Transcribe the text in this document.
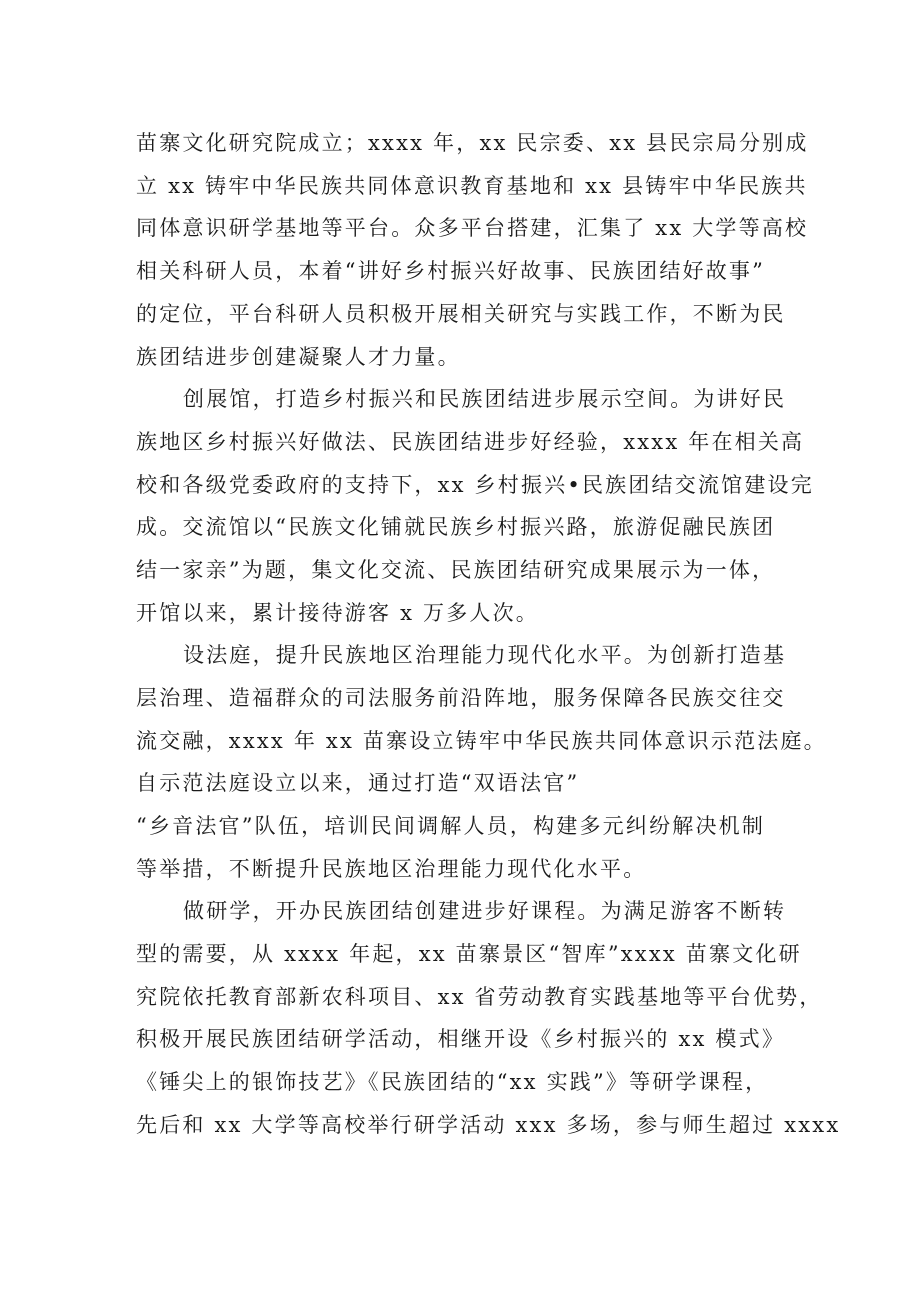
苗寨文化研究院成立；xxxx 年，xx 民宗委、xx 县民宗局分别成
立 xx 铸牢中华民族共同体意识教育基地和 xx 县铸牢中华民族共
同体意识研学基地等平台。众多平台搭建，汇集了 xx 大学等高校
相关科研人员，本着“讲好乡村振兴好故事、民族团结好故事”
的定位，平台科研人员积极开展相关研究与实践工作，不断为民
族团结进步创建凝聚人才力量。
创展馆，打造乡村振兴和民族团结进步展示空间。为讲好民
族地区乡村振兴好做法、民族团结进步好经验，xxxx 年在相关高
校和各级党委政府的支持下，xx 乡村振兴•民族团结交流馆建设完
成。交流馆以“民族文化铺就民族乡村振兴路，旅游促融民族团
结一家亲”为题，集文化交流、民族团结研究成果展示为一体，
开馆以来，累计接待游客 x 万多人次。
设法庭，提升民族地区治理能力现代化水平。为创新打造基
层治理、造福群众的司法服务前沿阵地，服务保障各民族交往交
流交融，xxxx 年 xx 苗寨设立铸牢中华民族共同体意识示范法庭。
自示范法庭设立以来，通过打造“双语法官”
“乡音法官”队伍，培训民间调解人员，构建多元纠纷解决机制
等举措，不断提升民族地区治理能力现代化水平。
做研学，开办民族团结创建进步好课程。为满足游客不断转
型的需要，从 xxxx 年起，xx 苗寨景区“智库”xxxx 苗寨文化研
究院依托教育部新农科项目、xx 省劳动教育实践基地等平台优势，
积极开展民族团结研学活动，相继开设《乡村振兴的 xx 模式》
《锤尖上的银饰技艺》《民族团结的“xx 实践”》等研学课程，
先后和 xx 大学等高校举行研学活动 xxx 多场，参与师生超过 xxxx
